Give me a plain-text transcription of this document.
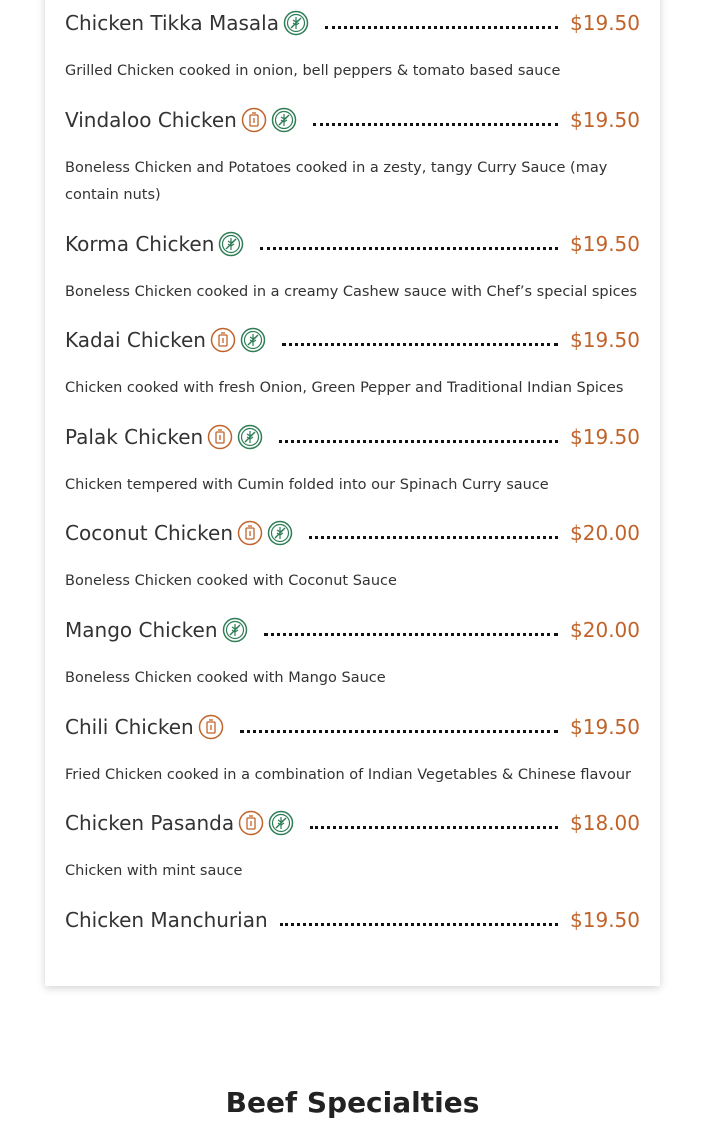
Chicken Tikka Masala	$19.50
Grilled Chicken cooked in onion, bell peppers & tomato based sauce
Vindaloo Chicken	$19.50
Boneless Chicken and Potatoes cooked in a zesty, tangy Curry Sauce (may contain nuts)
Korma Chicken	$19.50
Boneless Chicken cooked in a creamy Cashew sauce with Chef’s special spices
Kadai Chicken	$19.50
Chicken cooked with fresh Onion, Green Pepper and Traditional Indian Spices
Palak Chicken	$19.50
Chicken tempered with Cumin folded into our Spinach Curry sauce
Coconut Chicken	$20.00
Boneless Chicken cooked with Coconut Sauce
Mango Chicken	$20.00
Boneless Chicken cooked with Mango Sauce
Chili Chicken	$19.50
Fried Chicken cooked in a combination of Indian Vegetables & Chinese flavour
Chicken Pasanda	$18.00
Chicken with mint sauce
Chicken Manchurian	$19.50
Beef Specialties
